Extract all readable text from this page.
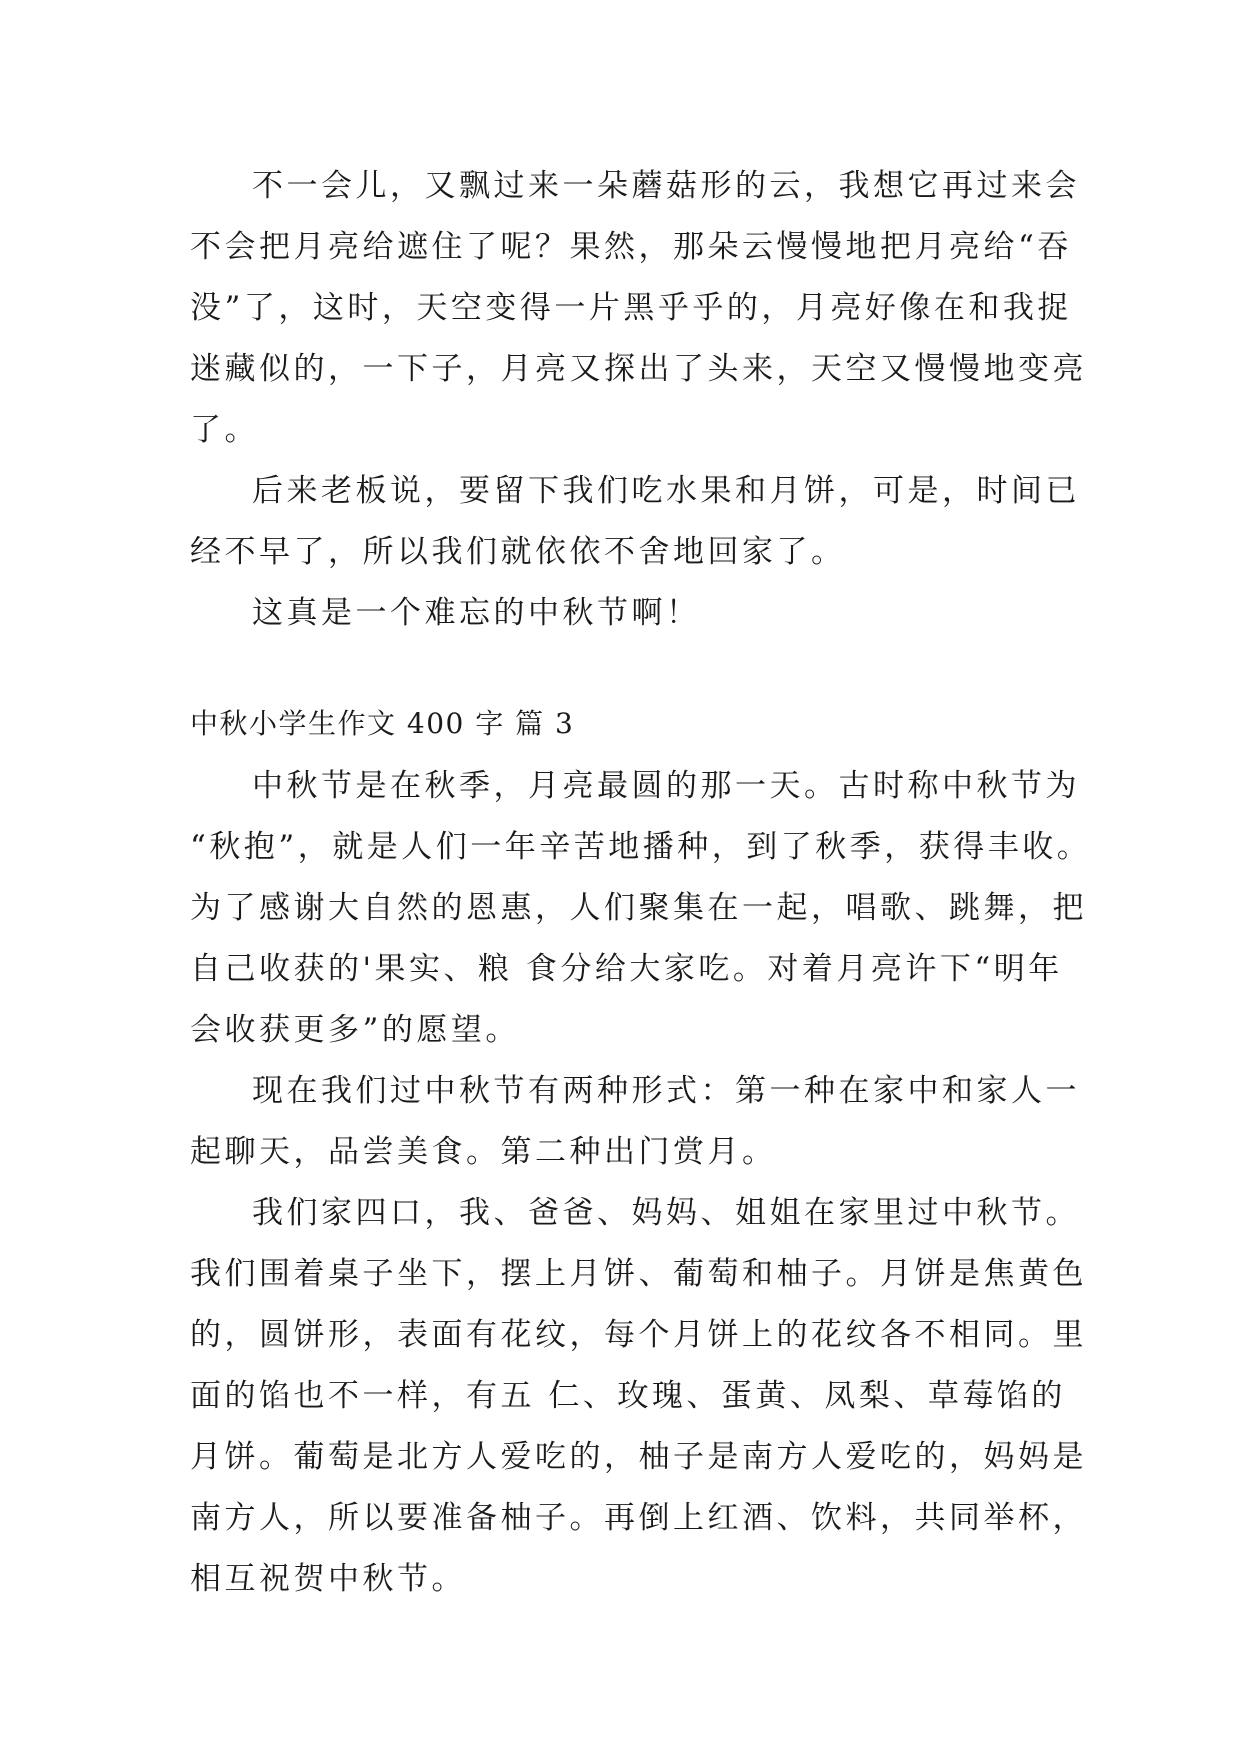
不一会儿，又飘过来一朵蘑菇形的云，我想它再过来会
不会把月亮给遮住了呢？果然，那朵云慢慢地把月亮给“吞
没”了，这时，天空变得一片黑乎乎的，月亮好像在和我捉
迷藏似的，一下子，月亮又探出了头来，天空又慢慢地变亮
了。
后来老板说，要留下我们吃水果和月饼，可是，时间已
经不早了，所以我们就依依不舍地回家了。
这真是一个难忘的中秋节啊！
中秋小学生作文 400 字 篇 3
中秋节是在秋季，月亮最圆的那一天。古时称中秋节为
“秋抱”，就是人们一年辛苦地播种，到了秋季，获得丰收。
为了感谢大自然的恩惠，人们聚集在一起，唱歌、跳舞，把
自己收获的'果实、粮 食分给大家吃。对着月亮许下“明年
会收获更多”的愿望。
现在我们过中秋节有两种形式：第一种在家中和家人一
起聊天，品尝美食。第二种出门赏月。
我们家四口，我、爸爸、妈妈、姐姐在家里过中秋节。
我们围着桌子坐下，摆上月饼、葡萄和柚子。月饼是焦黄色
的，圆饼形，表面有花纹，每个月饼上的花纹各不相同。里
面的馅也不一样，有五 仁、玫瑰、蛋黄、凤梨、草莓馅的
月饼。葡萄是北方人爱吃的，柚子是南方人爱吃的，妈妈是
南方人，所以要准备柚子。再倒上红酒、饮料，共同举杯，
相互祝贺中秋节。
